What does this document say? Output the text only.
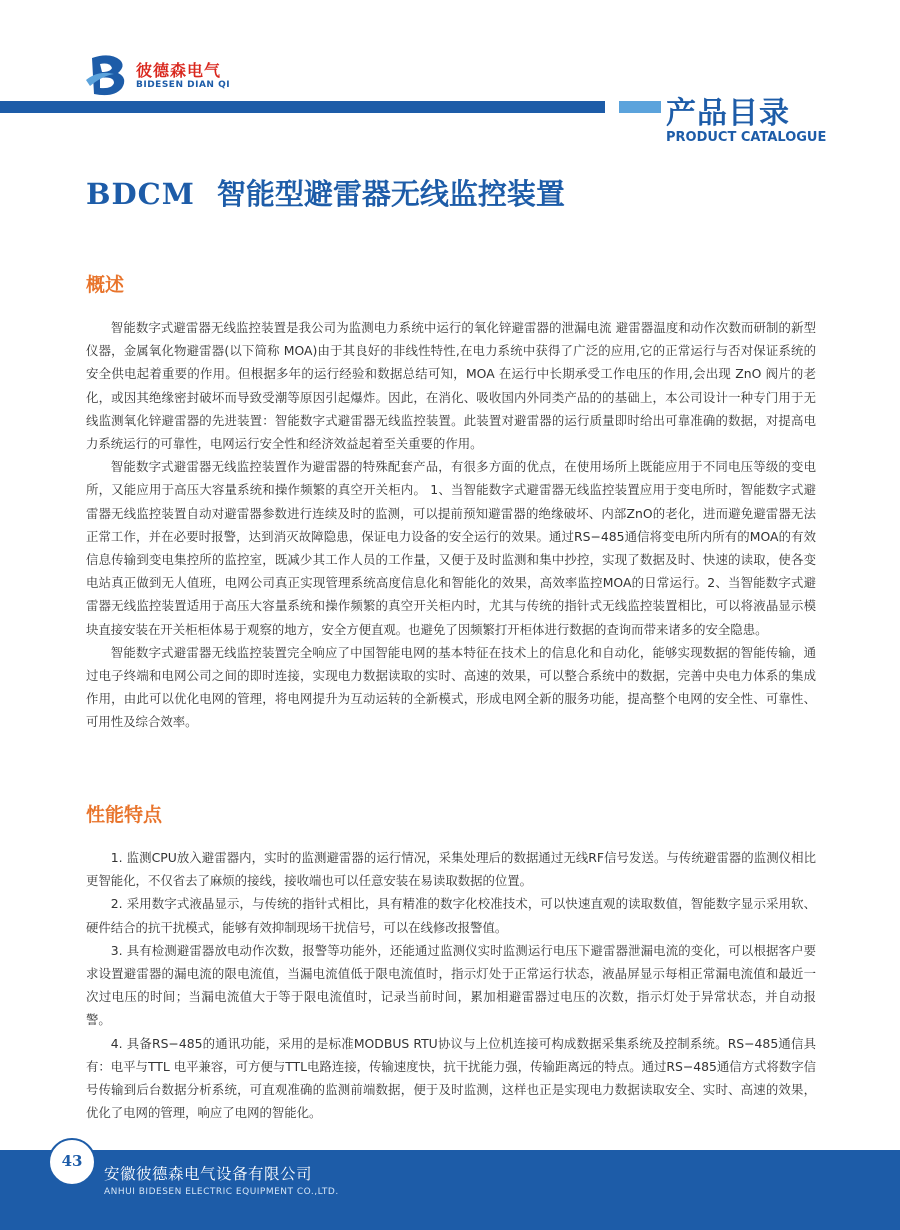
彼德森电气
BIDESEN DIAN QI
产品目录
PRODUCT CATALOGUE
BDCM 智能型避雷器无线监控装置
概述

智能数字式避雷器无线监控装置是我公司为监测电力系统中运行的氧化锌避雷器的泄漏电流 避雷器温度和动作次数而研制的新型仪器，金属氧化物避雷器(以下简称 MOA)由于其良好的非线性特性,在电力系统中获得了广泛的应用,它的正常运行与否对保证系统的安全供电起着重要的作用。但根据多年的运行经验和数据总结可知，MOA 在运行中长期承受工作电压的作用,会出现 ZnO 阀片的老化，或因其绝缘密封破坏而导致受潮等原因引起爆炸。因此，在消化、吸收国内外同类产品的的基础上，本公司设计一种专门用于无线监测氧化锌避雷器的先进装置：智能数字式避雷器无线监控装置。此装置对避雷器的运行质量即时给出可靠准确的数据，对提高电力系统运行的可靠性，电网运行安全性和经济效益起着至关重要的作用。

智能数字式避雷器无线监控装置作为避雷器的特殊配套产品，有很多方面的优点，在使用场所上既能应用于不同电压等级的变电所，又能应用于高压大容量系统和操作频繁的真空开关柜内。 1、当智能数字式避雷器无线监控装置应用于变电所时，智能数字式避雷器无线监控装置自动对避雷器参数进行连续及时的监测，可以提前预知避雷器的绝缘破坏、内部ZnO的老化，进而避免避雷器无法正常工作，并在必要时报警，达到消灭故障隐患，保证电力设备的安全运行的效果。通过RS−485通信将变电所内所有的MOA的有效信息传输到变电集控所的监控室，既减少其工作人员的工作量，又便于及时监测和集中抄控，实现了数据及时、快速的读取，使各变电站真正做到无人值班，电网公司真正实现管理系统高度信息化和智能化的效果，高效率监控MOA的日常运行。2、当智能数字式避雷器无线监控装置适用于高压大容量系统和操作频繁的真空开关柜内时，尤其与传统的指针式无线监控装置相比，可以将液晶显示模块直接安装在开关柜柜体易于观察的地方，安全方便直观。也避免了因频繁打开柜体进行数据的查询而带来诸多的安全隐患。

智能数字式避雷器无线监控装置完全响应了中国智能电网的基本特征在技术上的信息化和自动化，能够实现数据的智能传输，通过电子终端和电网公司之间的即时连接，实现电力数据读取的实时、高速的效果，可以整合系统中的数据，完善中央电力体系的集成作用，由此可以优化电网的管理，将电网提升为互动运转的全新模式，形成电网全新的服务功能，提高整个电网的安全性、可靠性、可用性及综合效率。

性能特点

1. 监测CPU放入避雷器内，实时的监测避雷器的运行情况，采集处理后的数据通过无线RF信号发送。与传统避雷器的监测仪相比更智能化，不仅省去了麻烦的接线，接收端也可以任意安装在易读取数据的位置。

2. 采用数字式液晶显示，与传统的指针式相比，具有精准的数字化校准技术，可以快速直观的读取数值，智能数字显示采用软、硬件结合的抗干扰模式，能够有效抑制现场干扰信号，可以在线修改报警值。

3. 具有检测避雷器放电动作次数，报警等功能外，还能通过监测仪实时监测运行电压下避雷器泄漏电流的变化，可以根据客户要求设置避雷器的漏电流的限电流值，当漏电流值低于限电流值时，指示灯处于正常运行状态，液晶屏显示每相正常漏电流值和最近一次过电压的时间；当漏电流值大于等于限电流值时，记录当前时间，累加相避雷器过电压的次数，指示灯处于异常状态，并自动报警。

4. 具备RS−485的通讯功能，采用的是标准MODBUS RTU协议与上位机连接可构成数据采集系统及控制系统。RS−485通信具有：电平与TTL 电平兼容，可方便与TTL电路连接，传输速度快，抗干扰能力强，传输距离远的特点。通过RS−485通信方式将数字信号传输到后台数据分析系统，可直观准确的监测前端数据，便于及时监测，这样也正是实现电力数据读取安全、实时、高速的效果，优化了电网的管理，响应了电网的智能化。

43
安徽彼德森电气设备有限公司
ANHUI BIDESEN ELECTRIC EQUIPMENT CO.,LTD.
